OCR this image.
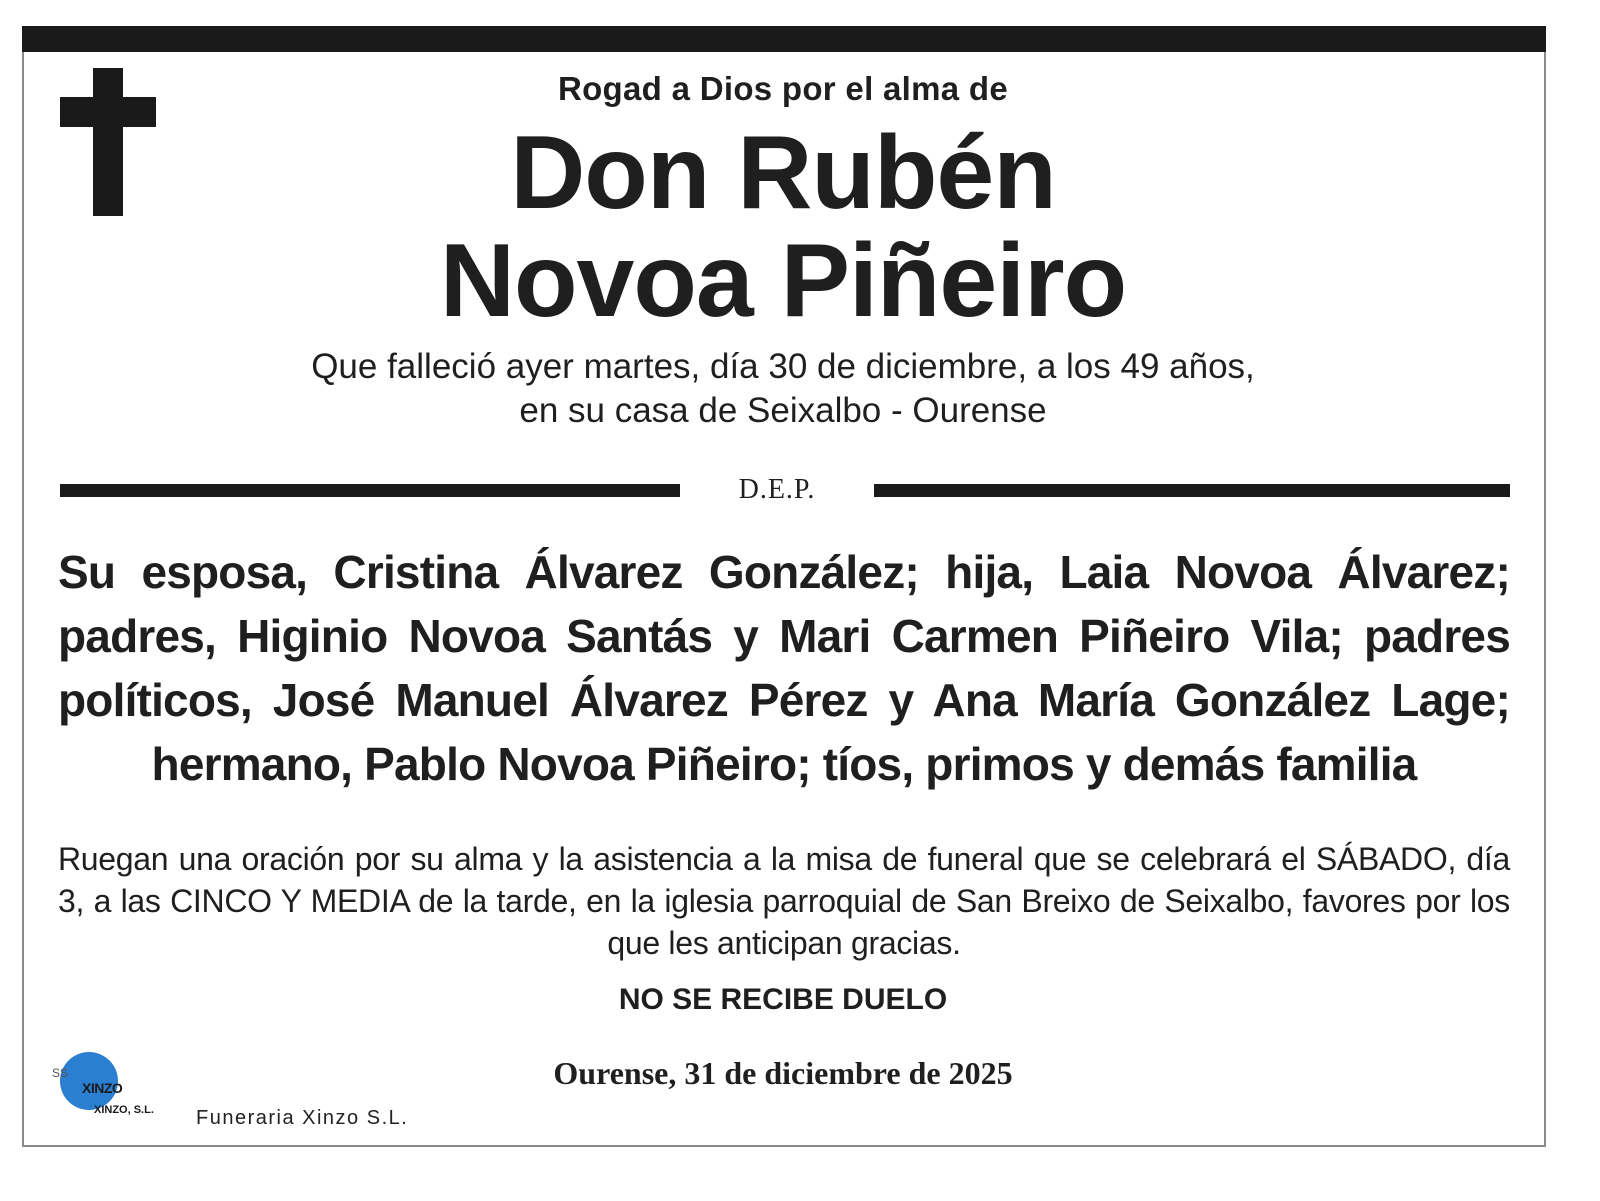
Rogad a Dios por el alma de
Don Rubén
Novoa Piñeiro
Que falleció ayer martes, día 30 de diciembre, a los 49 años,
en su casa de Seixalbo - Ourense
D.E.P.
Su esposa, Cristina Álvarez González; hija, Laia Novoa Álvarez; padres, Higinio Novoa Santás y Mari Carmen Piñeiro Vila; padres políticos, José Manuel Álvarez Pérez y Ana María González Lage; hermano, Pablo Novoa Piñeiro; tíos, primos y demás familia
Ruegan una oración por su alma y la asistencia a la misa de funeral que se celebrará el SÁBADO, día 3, a las CINCO Y MEDIA de la tarde, en la iglesia parroquial de San Breixo de Seixalbo, favores por los que les anticipan gracias.
NO SE RECIBE DUELO
Ourense, 31 de diciembre de 2025
SS
XINZO
XINZO, S.L. Funeraria Xinzo S.L.
